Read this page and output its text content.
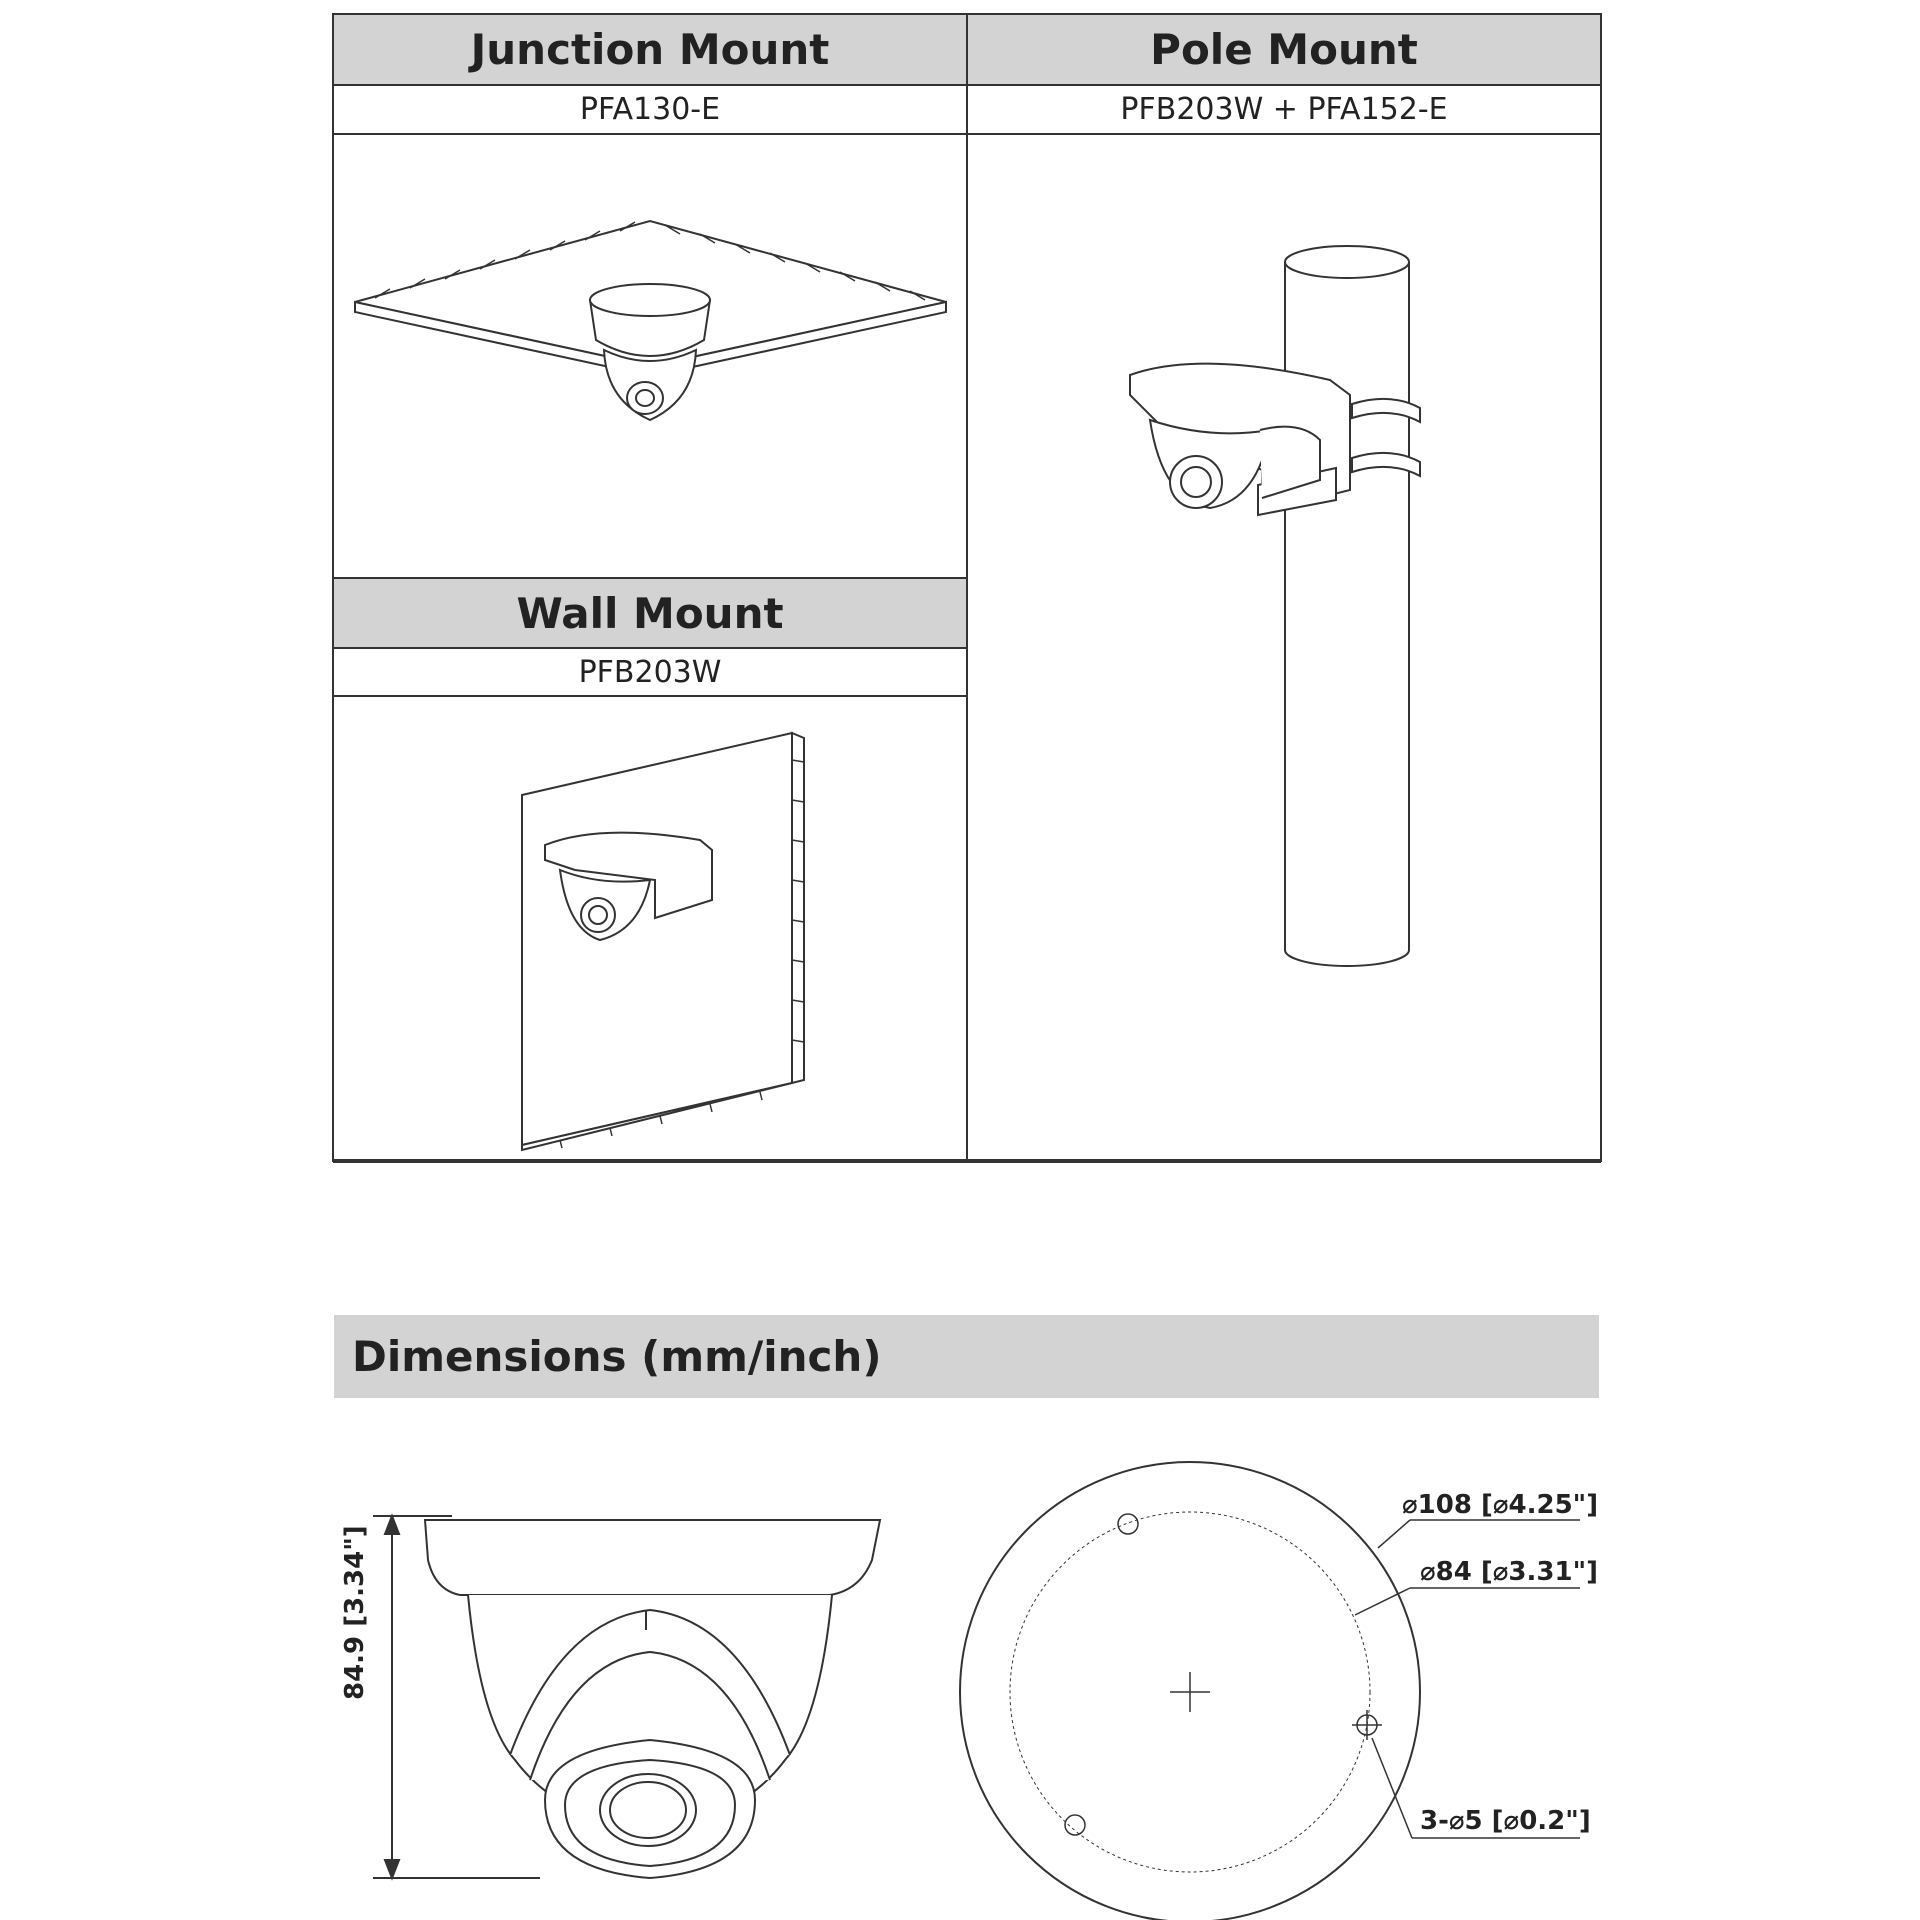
Junction Mount	Pole Mount
PFA130-E	PFB203W + PFA152-E
Wall Mount
PFB203W
Dimensions (mm/inch)
84.9 [3.34"]
⌀108 [⌀4.25"]
⌀84 [⌀3.31"]
3-⌀5 [⌀0.2"]
